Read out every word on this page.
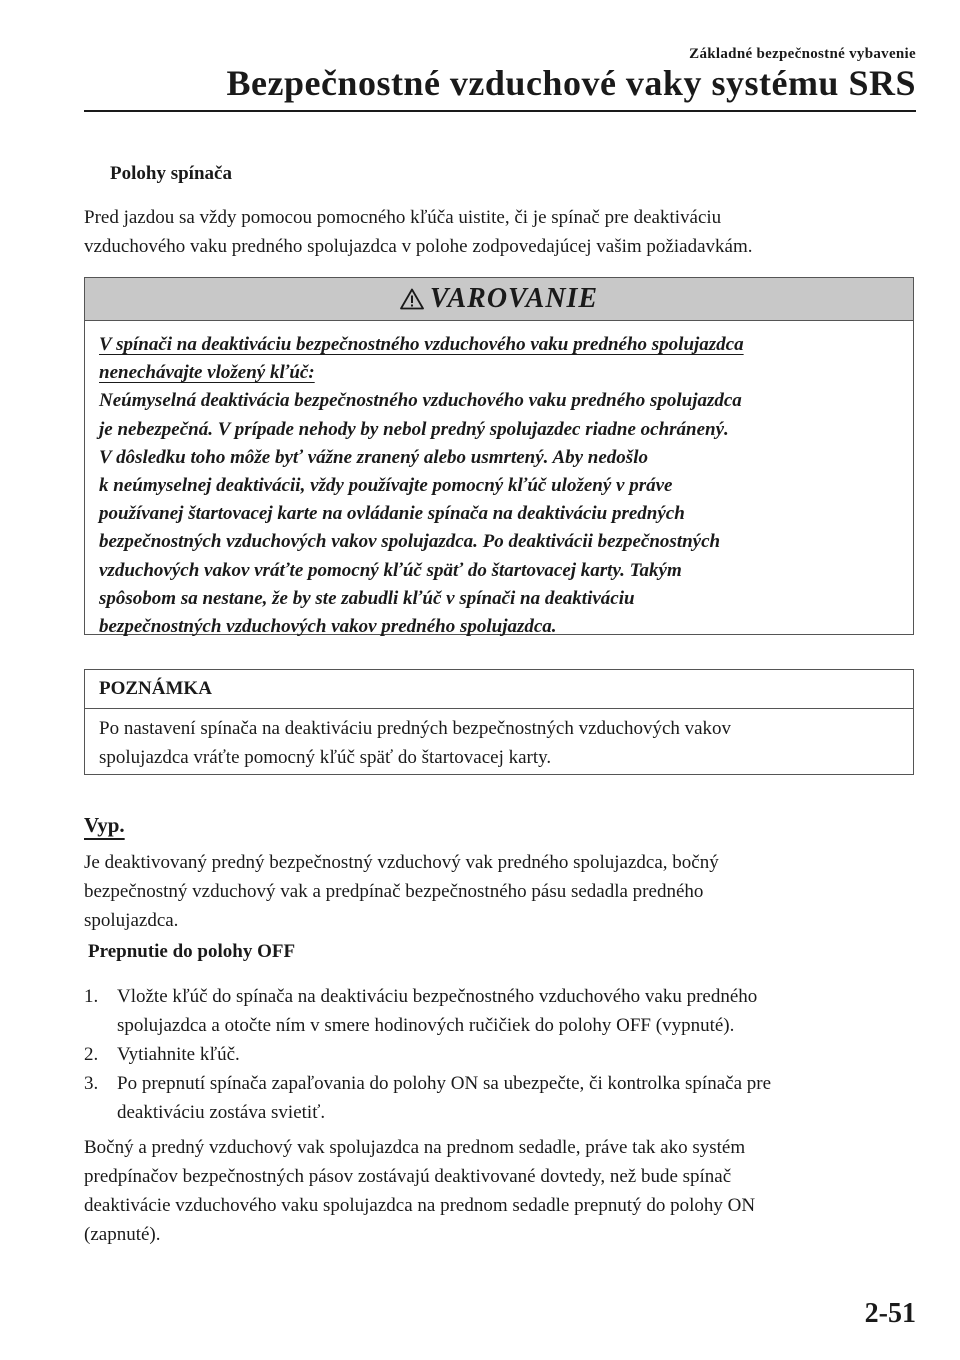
Základné bezpečnostné vybavenie
Bezpečnostné vzduchové vaky systému SRS
Polohy spínača
Pred jazdou sa vždy pomocou pomocného kľúča uistite, či je spínač pre deaktiváciu
vzduchového vaku predného spolujazdca v polohe zodpovedajúcej vašim požiadavkám.
VAROVANIE
V spínači na deaktiváciu bezpečnostného vzduchového vaku predného spolujazdca
nenechávajte vložený kľúč:
Neúmyselná deaktivácia bezpečnostného vzduchového vaku predného spolujazdca
je nebezpečná. V prípade nehody by nebol predný spolujazdec riadne ochránený.
V dôsledku toho môže byť vážne zranený alebo usmrtený. Aby nedošlo
k neúmyselnej deaktivácii, vždy používajte pomocný kľúč uložený v práve
používanej štartovacej karte na ovládanie spínača na deaktiváciu predných
bezpečnostných vzduchových vakov spolujazdca. Po deaktivácii bezpečnostných
vzduchových vakov vráťte pomocný kľúč späť do štartovacej karty. Takým
spôsobom sa nestane, že by ste zabudli kľúč v spínači na deaktiváciu
bezpečnostných vzduchových vakov predného spolujazdca.
POZNÁMKA
Po nastavení spínača na deaktiváciu predných bezpečnostných vzduchových vakov
spolujazdca vráťte pomocný kľúč späť do štartovacej karty.
Vyp.
Je deaktivovaný predný bezpečnostný vzduchový vak predného spolujazdca, bočný
bezpečnostný vzduchový vak a predpínač bezpečnostného pásu sedadla predného
spolujazdca.
Prepnutie do polohy OFF
1. Vložte kľúč do spínača na deaktiváciu bezpečnostného vzduchového vaku predného
spolujazdca a otočte ním v smere hodinových ručičiek do polohy OFF (vypnuté).
2. Vytiahnite kľúč.
3. Po prepnutí spínača zapaľovania do polohy ON sa ubezpečte, či kontrolka spínača pre
deaktiváciu zostáva svietiť.
Bočný a predný vzduchový vak spolujazdca na prednom sedadle, práve tak ako systém
predpínačov bezpečnostných pásov zostávajú deaktivované dovtedy, než bude spínač
deaktivácie vzduchového vaku spolujazdca na prednom sedadle prepnutý do polohy ON
(zapnuté).
2-51
